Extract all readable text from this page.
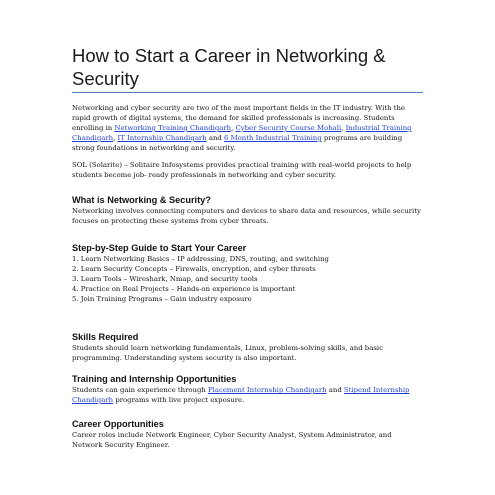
How to Start a Career in Networking & Security

Networking and cyber security are two of the most important fields in the IT industry. With the rapid growth of digital systems, the demand for skilled professionals is increasing. Students enrolling in Networking Training Chandigarh, Cyber Security Course Mohali, Industrial Training Chandigarh, IT Internship Chandigarh and 6 Month Industrial Training programs are building strong foundations in networking and security.

SOL (Solarite) – Solitaire Infosystems provides practical training with real-world projects to help students become job- ready professionals in networking and cyber security.

What is Networking & Security?

Networking involves connecting computers and devices to share data and resources, while security focuses on protecting these systems from cyber threats.

Step-by-Step Guide to Start Your Career
1. Learn Networking Basics – IP addressing, DNS, routing, and switching
2. Learn Security Concepts – Firewalls, encryption, and cyber threats
3. Learn Tools – Wireshark, Nmap, and security tools
4. Practice on Real Projects – Hands-on experience is important
5. Join Training Programs – Gain industry exposure
Skills Required

Students should learn networking fundamentals, Linux, problem-solving skills, and basic programming. Understanding system security is also important.

Training and Internship Opportunities

Students can gain experience through Placement Internship Chandigarh and Stipend Internship Chandigarh programs with live project exposure.

Career Opportunities

Career roles include Network Engineer, Cyber Security Analyst, System Administrator, and Network Security Engineer.
